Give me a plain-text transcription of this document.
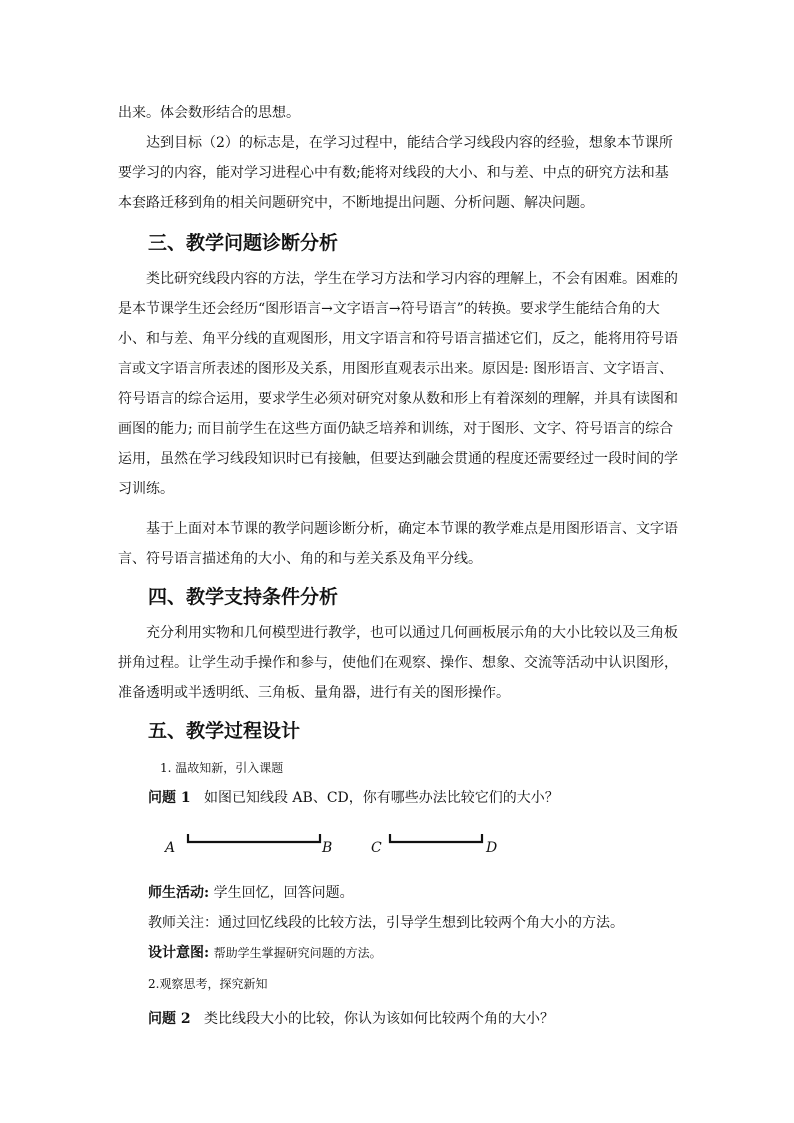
出来。体会数形结合的思想。

达到目标（2）的标志是，在学习过程中，能结合学习线段内容的经验，想象本节课所要学习的内容，能对学习进程心中有数;能将对线段的大小、和与差、中点的研究方法和基本套路迁移到角的相关问题研究中，不断地提出问题、分析问题、解决问题。

三、教学问题诊断分析

类比研究线段内容的方法，学生在学习方法和学习内容的理解上，不会有困难。困难的是本节课学生还会经历“图形语言→文字语言→符号语言”的转换。要求学生能结合角的大小、和与差、角平分线的直观图形，用文字语言和符号语言描述它们，反之，能将用符号语言或文字语言所表述的图形及关系，用图形直观表示出来。原因是: 图形语言、文字语言、符号语言的综合运用，要求学生必须对研究对象从数和形上有着深刻的理解，并具有读图和画图的能力; 而目前学生在这些方面仍缺乏培养和训练，对于图形、文字、符号语言的综合运用，虽然在学习线段知识时已有接触，但要达到融会贯通的程度还需要经过一段时间的学习训练。

基于上面对本节课的教学问题诊断分析，确定本节课的教学难点是用图形语言、文字语言、符号语言描述角的大小、角的和与差关系及角平分线。

四、教学支持条件分析

充分利用实物和几何模型进行教学，也可以通过几何画板展示角的大小比较以及三角板拼角过程。让学生动手操作和参与，使他们在观察、操作、想象、交流等活动中认识图形，准备透明或半透明纸、三角板、量角器，进行有关的图形操作。

五、教学过程设计

1. 温故知新，引入课题

问题 1 如图已知线段 AB、CD，你有哪些办法比较它们的大小？

A	B	C	D

师生活动: 学生回忆，回答问题。

教师关注：通过回忆线段的比较方法，引导学生想到比较两个角大小的方法。

设计意图: 帮助学生掌握研究问题的方法。

2.观察思考，探究新知

问题 2 类比线段大小的比较，你认为该如何比较两个角的大小？
